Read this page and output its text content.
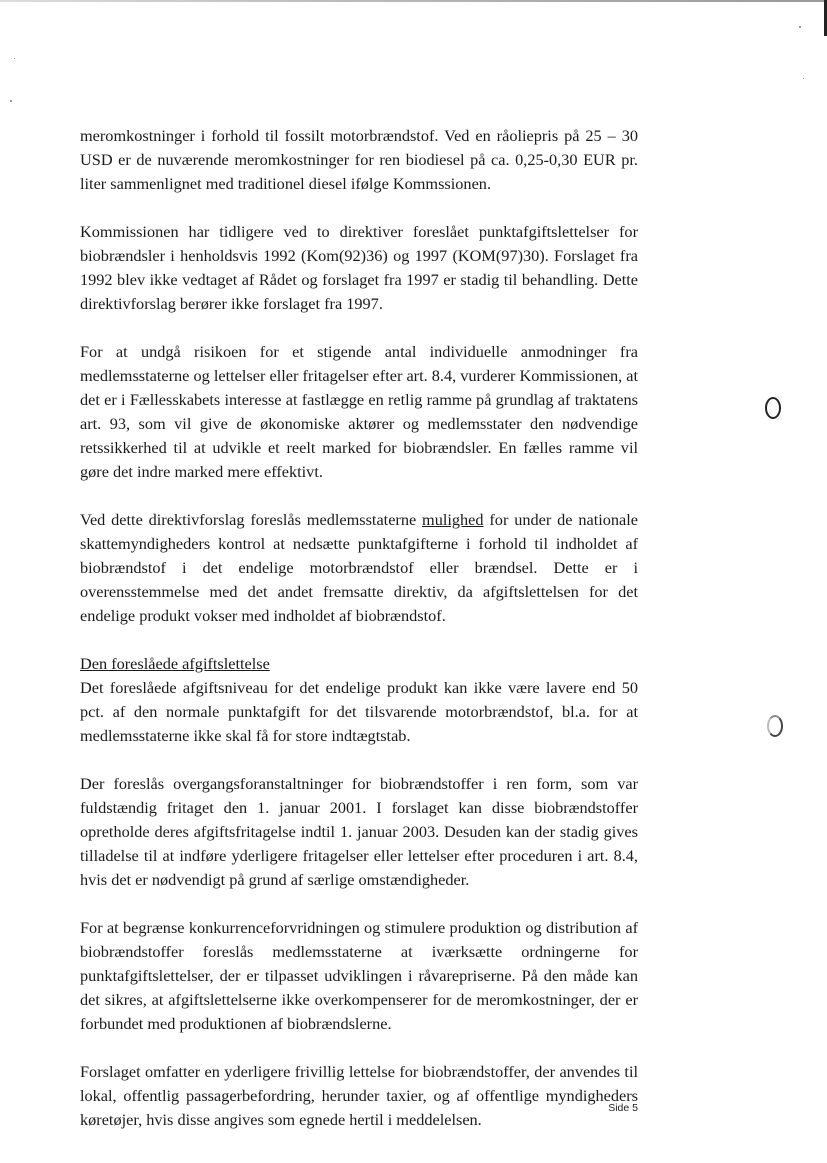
meromkostninger i forhold til fossilt motorbrændstof. Ved en råoliepris på 25 – 30 USD er de nuværende meromkostninger for ren biodiesel på ca. 0,25-0,30 EUR pr. liter sammenlignet med traditionel diesel ifølge Kommssionen.

Kommissionen har tidligere ved to direktiver foreslået punktafgiftslettelser for biobrændsler i henholdsvis 1992 (Kom(92)36) og 1997 (KOM(97)30). Forslaget fra 1992 blev ikke vedtaget af Rådet og forslaget fra 1997 er stadig til behandling. Dette direktivforslag berører ikke forslaget fra 1997.

For at undgå risikoen for et stigende antal individuelle anmodninger fra medlemsstaterne og lettelser eller fritagelser efter art. 8.4, vurderer Kommissionen, at det er i Fællesskabets interesse at fastlægge en retlig ramme på grundlag af traktatens art. 93, som vil give de økonomiske aktører og medlemsstater den nødvendige retssikkerhed til at udvikle et reelt marked for biobrændsler. En fælles ramme vil gøre det indre marked mere effektivt.

Ved dette direktivforslag foreslås medlemsstaterne mulighed for under de nationale skattemyndigheders kontrol at nedsætte punktafgifterne i forhold til indholdet af biobrændstof i det endelige motorbrændstof eller brændsel. Dette er i overensstemmelse med det andet fremsatte direktiv, da afgiftslettelsen for det endelige produkt vokser med indholdet af biobrændstof.

Den foreslåede afgiftslettelse

Det foreslåede afgiftsniveau for det endelige produkt kan ikke være lavere end 50 pct. af den normale punktafgift for det tilsvarende motorbrændstof, bl.a. for at medlemsstaterne ikke skal få for store indtægtstab.

Der foreslås overgangsforanstaltninger for biobrændstoffer i ren form, som var fuldstændig fritaget den 1. januar 2001. I forslaget kan disse biobrændstoffer opretholde deres afgiftsfritagelse indtil 1. januar 2003. Desuden kan der stadig gives tilladelse til at indføre yderligere fritagelser eller lettelser efter proceduren i art. 8.4, hvis det er nødvendigt på grund af særlige omstændigheder.

For at begrænse konkurrenceforvridningen og stimulere produktion og distribution af biobrændstoffer foreslås medlemsstaterne at iværksætte ordningerne for punktafgiftslettelser, der er tilpasset udviklingen i råvarepriserne. På den måde kan det sikres, at afgiftslettelserne ikke overkompenserer for de meromkostninger, der er forbundet med produktionen af biobrændslerne.

Forslaget omfatter en yderligere frivillig lettelse for biobrændstoffer, der anvendes til lokal, offentlig passagerbefordring, herunder taxier, og af offentlige myndigheders køretøjer, hvis disse angives som egnede hertil i meddelelsen.

Side 5
